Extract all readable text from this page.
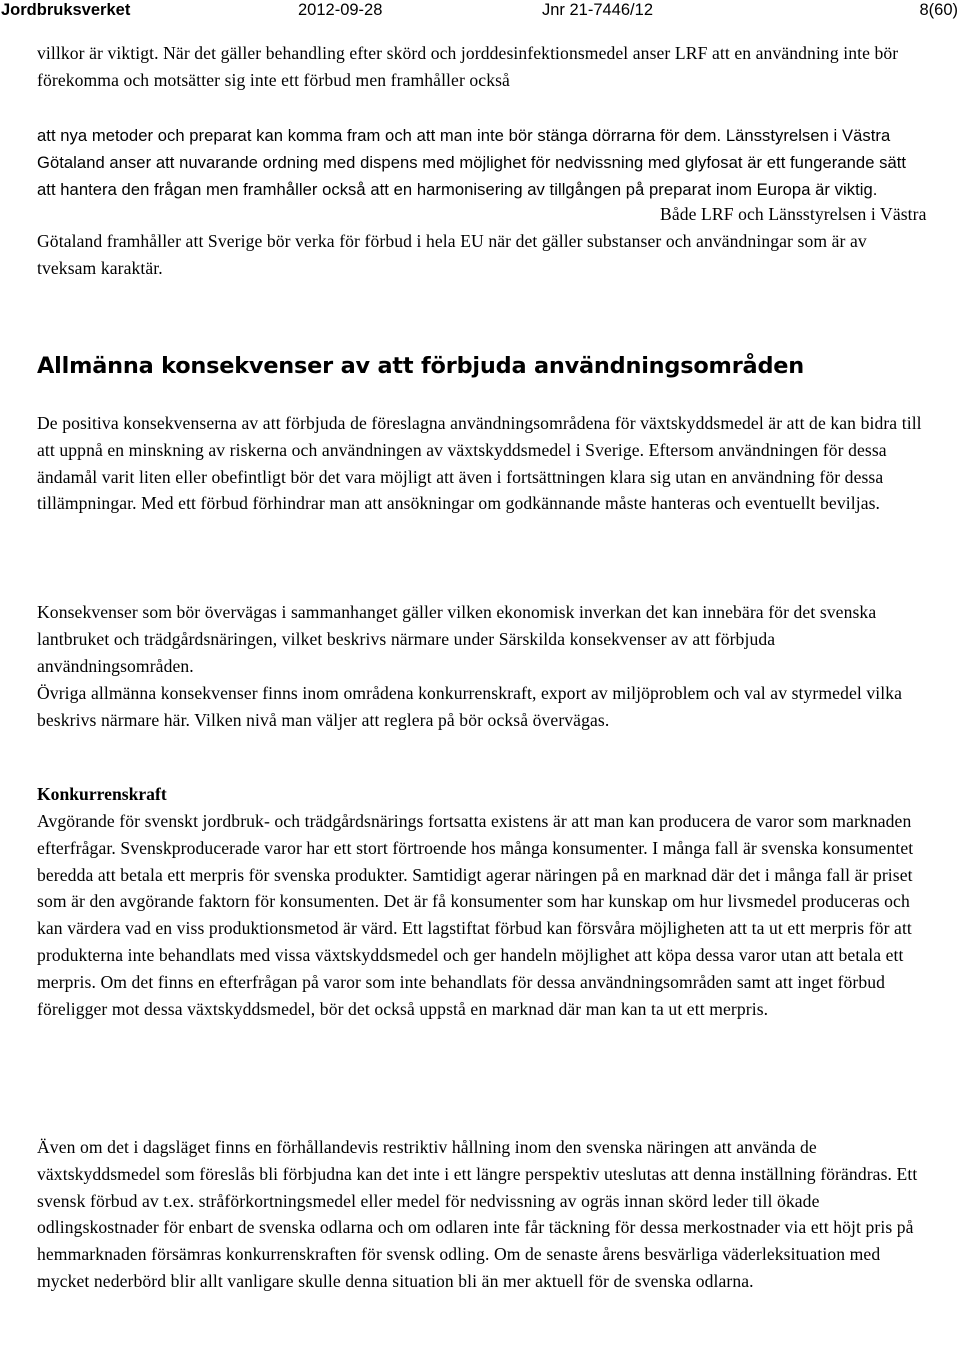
Jordbruksverket	2012-09-28	Jnr 21-7446/12	8(60)

villkor är viktigt. När det gäller behandling efter skörd och jorddesinfektionsmedel anser LRF att en användning inte bör förekomma och motsätter sig inte ett förbud men framhåller också

att nya metoder och preparat kan komma fram och att man inte bör stänga dörrarna för dem. Länsstyrelsen i Västra Götaland anser att nuvarande ordning med dispens med möjlighet för nedvissning med glyfosat är ett fungerande sätt att hantera den frågan men framhåller också att en harmonisering av tillgången på preparat inom Europa är viktig.

Både LRF och Länsstyrelsen i Västra Götaland framhåller att Sverige bör verka för förbud i hela EU när det gäller substanser och användningar som är av tveksam karaktär.

Allmänna konsekvenser av att förbjuda användningsområden

De positiva konsekvenserna av att förbjuda de föreslagna användningsområdena för växtskyddsmedel är att de kan bidra till att uppnå en minskning av riskerna och användningen av växtskyddsmedel i Sverige. Eftersom användningen för dessa ändamål varit liten eller obefintligt bör det vara möjligt att även i fortsättningen klara sig utan en användning för dessa tillämpningar. Med ett förbud förhindrar man att ansökningar om godkännande måste hanteras och eventuellt beviljas.

Konsekvenser som bör övervägas i sammanhanget gäller vilken ekonomisk inverkan det kan innebära för det svenska lantbruket och trädgårdsnäringen, vilket beskrivs närmare under Särskilda konsekvenser av att förbjuda användningsområden.

Övriga allmänna konsekvenser finns inom områdena konkurrenskraft, export av miljöproblem och val av styrmedel vilka beskrivs närmare här. Vilken nivå man väljer att reglera på bör också övervägas.

Konkurrenskraft

Avgörande för svenskt jordbruk- och trädgårdsnärings fortsatta existens är att man kan producera de varor som marknaden efterfrågar. Svenskproducerade varor har ett stort förtroende hos många konsumenter. I många fall är svenska konsumentet beredda att betala ett merpris för svenska produkter. Samtidigt agerar näringen på en marknad där det i många fall är priset som är den avgörande faktorn för konsumenten. Det är få konsumenter som har kunskap om hur livsmedel produceras och kan värdera vad en viss produktionsmetod är värd. Ett lagstiftat förbud kan försvåra möjligheten att ta ut ett merpris för att produkterna inte behandlats med vissa växtskyddsmedel och ger handeln möjlighet att köpa dessa varor utan att betala ett merpris. Om det finns en efterfrågan på varor som inte behandlats för dessa användningsområden samt att inget förbud föreligger mot dessa växtskyddsmedel, bör det också uppstå en marknad där man kan ta ut ett merpris.

Även om det i dagsläget finns en förhållandevis restriktiv hållning inom den svenska näringen att använda de växtskyddsmedel som föreslås bli förbjudna kan det inte i ett längre perspektiv uteslutas att denna inställning förändras. Ett svensk förbud av t.ex. stråförkortningsmedel eller medel för nedvissning av ogräs innan skörd leder till ökade odlingskostnader för enbart de svenska odlarna och om odlaren inte får täckning för dessa merkostnader via ett höjt pris på hemmarknaden försämras konkurrenskraften för svensk odling. Om de senaste årens besvärliga väderleksituation med mycket nederbörd blir allt vanligare skulle denna situation bli än mer aktuell för de svenska odlarna.
